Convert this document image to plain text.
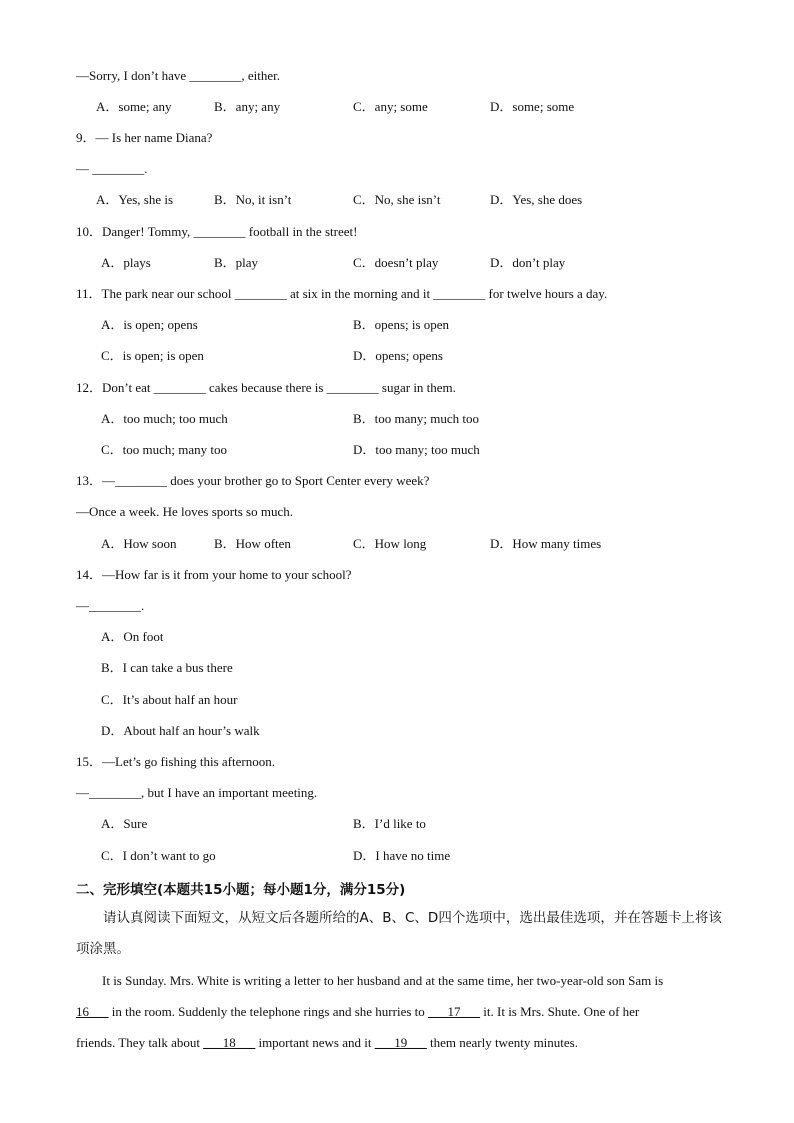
—Sorry, I don’t have ________, either.
A．some; any	B．any; any	C．any; some	D．some; some
9．— Is her name Diana?
— ________.
A．Yes, she is	B．No, it isn’t	C．No, she isn’t	D．Yes, she does
10．Danger! Tommy, ________ football in the street!
A．plays	B．play	C．doesn’t play	D．don’t play
11．The park near our school ________ at six in the morning and it ________ for twelve hours a day.
A．is open; opens	B．opens; is open
C．is open; is open	D．opens; opens
12．Don’t eat ________ cakes because there is ________ sugar in them.
A．too much; too much	B．too many; much too
C．too much; many too	D．too many; too much
13．—________ does your brother go to Sport Center every week?
—Once a week. He loves sports so much.
A．How soon	B．How often	C．How long	D．How many times
14．—How far is it from your home to your school?
—________.
A．On foot
B．I can take a bus there
C．It’s about half an hour
D．About half an hour’s walk
15．—Let’s go fishing this afternoon.
—________, but I have an important meeting.
A．Sure	B．I’d like to
C．I don’t want to go	D．I have no time
二、完形填空(本题共15小题；每小题1分，满分15分)
请认真阅读下面短文，从短文后各题所给的A、B、C、D四个选项中，选出最佳选项，并在答题卡上将该项涂黑。
It is Sunday. Mrs. White is writing a letter to her husband and at the same time, her two-year-old son Sam is
16___ in the room. Suddenly the telephone rings and she hurries to ___17___ it. It is Mrs. Shute. One of her
friends. They talk about ___18___ important news and it ___19___ them nearly twenty minutes.
